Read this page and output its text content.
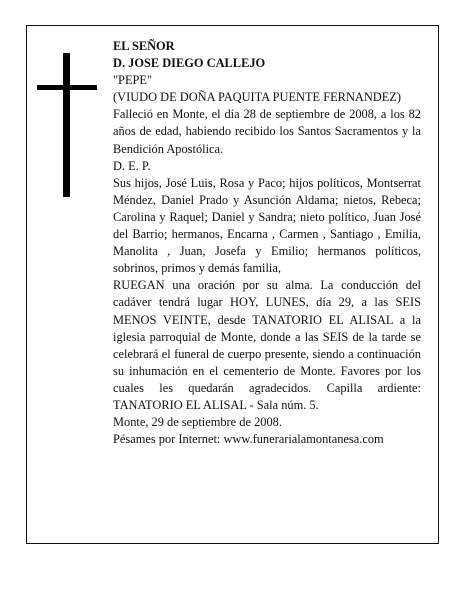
EL SEÑOR

D. JOSE DIEGO CALLEJO

"PEPE"

(VIUDO DE DOÑA PAQUITA PUENTE FERNANDEZ)

Falleció en Monte, el día 28 de septiembre de 2008, a los 82 años de edad, habiendo recibido los Santos Sacramentos y la Bendición Apostólica.

D. E. P.

Sus hijos, José Luis, Rosa y Paco; hijos políticos, Montserrat Méndez, Daniel Prado y Asunción Aldama; nietos, Rebeca; Carolina y Raquel; Daniel y Sandra; nieto político, Juan José del Barrio; hermanos, Encarna , Carmen , Santiago , Emilia, Manolita , Juan, Josefa y Emilio; hermanos políticos, sobrinos, primos y demás familia,

RUEGAN una oración por su alma. La conducción del cadáver tendrá lugar HOY, LUNES, día 29, a las SEIS MENOS VEINTE, desde TANATORIO EL ALISAL a la iglesia parroquial de Monte, donde a las SEIS de la tarde se celebrará el funeral de cuerpo presente, siendo a continuación su inhumación en el cementerio de Monte. Favores por los cuales les quedarán agradecidos. Capilla ardiente: TANATORIO EL ALISAL - Sala núm. 5.

Monte, 29 de septiembre de 2008.

Pésames por Internet: www.funerarialamontanesa.com
